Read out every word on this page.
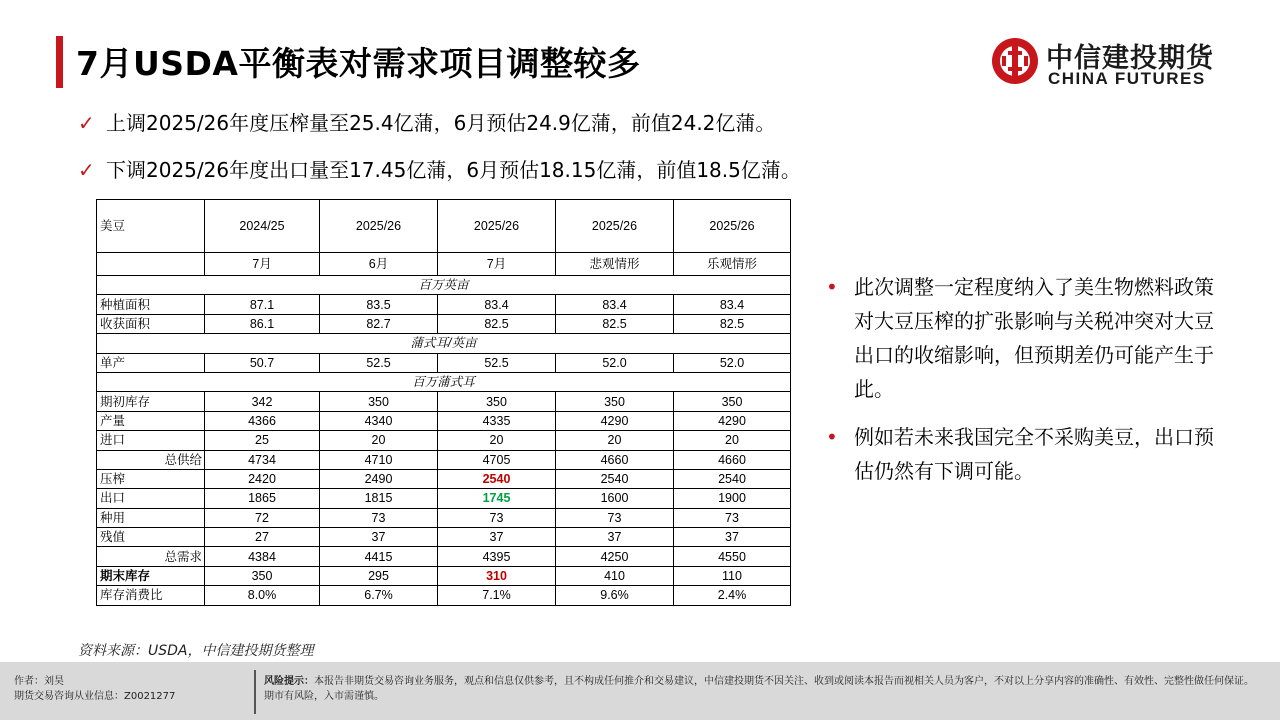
7月USDA平衡表对需求项目调整较多	中信建投期货
CHINA FUTURES
✓ 上调2025/26年度压榨量至25.4亿蒲，6月预估24.9亿蒲，前值24.2亿蒲。
✓ 下调2025/26年度出口量至17.45亿蒲，6月预估18.15亿蒲，前值18.5亿蒲。
美豆	2024/25	2025/26	2025/26	2025/26	2025/26
	7月	6月	7月	悲观情形	乐观情形
百万英亩					
种植面积	87.1	83.5	83.4	83.4	83.4
收获面积	86.1	82.7	82.5	82.5	82.5
蒲式耳/英亩					
单产	50.7	52.5	52.5	52.0	52.0
百万蒲式耳					
期初库存	342	350	350	350	350
产量	4366	4340	4335	4290	4290
进口	25	20	20	20	20
总供给	4734	4710	4705	4660	4660
压榨	2420	2490	2540	2540	2540
出口	1865	1815	1745	1600	1900
种用	72	73	73	73	73
残值	27	37	37	37	37
总需求	4384	4415	4395	4250	4550
期末库存	350	295	310	410	110
库存消费比	8.0%	6.7%	7.1%	9.6%	2.4%
资料来源：USDA，中信建投期货整理
• 此次调整一定程度纳入了美生物燃料政策对大豆压榨的扩张影响与关税冲突对大豆出口的收缩影响，但预期差仍可能产生于此。
• 例如若未来我国完全不采购美豆，出口预估仍然有下调可能。
作者：刘昊
期货交易咨询从业信息：Z0021277
风险提示：本报告非期货交易咨询业务服务，观点和信息仅供参考，且不构成任何推介和交易建议，中信建投期货不因关注、收到或阅读本报告而视相关人员为客户，不对以上分享内容的准确性、有效性、完整性做任何保证。期市有风险，入市需谨慎。
